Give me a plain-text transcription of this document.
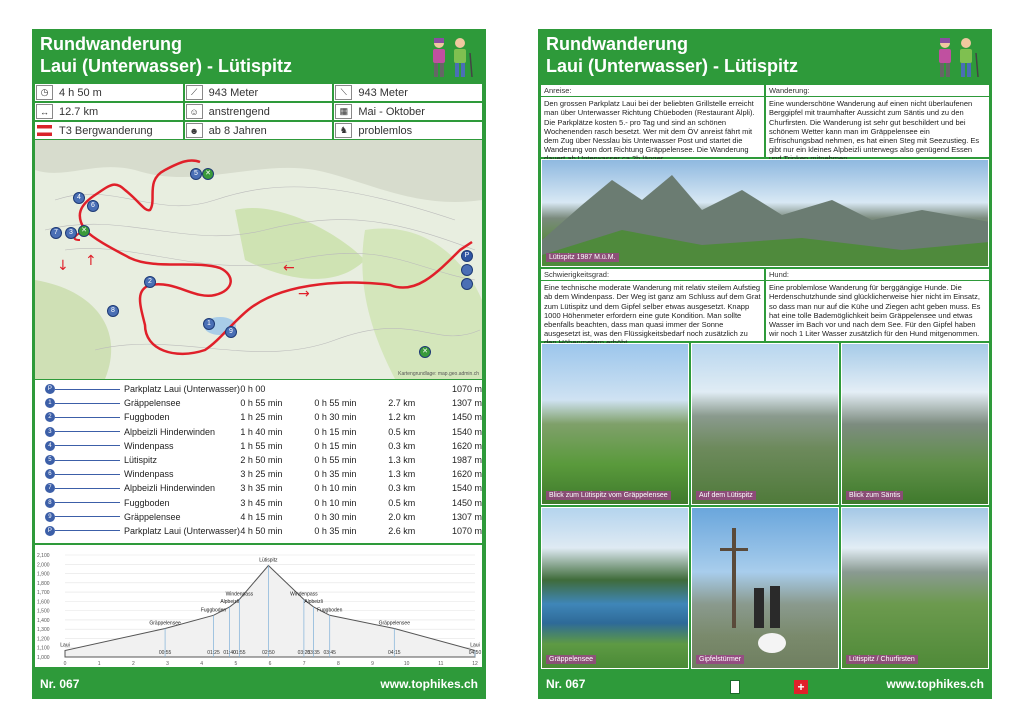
Rundwanderung
Laui (Unterwasser) - Lütispitz
◷ 4 h 50 m	⟋	943 Meter	⟍	943 Meter
↔ 12.7 km	☺ anstrengend	▦ Mai - Oktober
T3 Bergwanderung	☻ ab 8 Jahren	♞ problemlos
→
←
↓ ↑
5	✕
4
6
7	3	✕
2
8
1
9
P
✕
Kartengrundlage: map.geo.admin.ch
P	Parkplatz Laui (Unterwasser) 0 h 00	1070 m
1	Gräppelensee	0 h 55 min	0 h 55 min	2.7 km	1307 m
2	Fuggboden	1 h 25 min	0 h 30 min	1.2 km	1450 m
3	Alpbeizli Hinderwinden	1 h 40 min	0 h 15 min	0.5 km	1540 m
4	Windenpass	1 h 55 min	0 h 15 min	0.3 km	1620 m
5	Lütispitz	2 h 50 min	0 h 55 min	1.3 km	1987 m
6	Windenpass	3 h 25 min	0 h 35 min	1.3 km	1620 m
7	Alpbeizli Hinderwinden	3 h 35 min	0 h 10 min	0.3 km	1540 m
8	Fuggboden	3 h 45 min	0 h 10 min	0.5 km	1450 m
9	Gräppelensee	4 h 15 min	0 h 30 min	2.0 km	1307 m
P	Parkplatz Laui (Unterwasser) 4 h 50 min	0 h 35 min	2.6 km	1070 m
2,100
2,000
1,900
1,800
1,700
1,600
1,500
1,400
1,300
1,200
1,100
1,000
0	1	2	3	4	5	6	7	8	9	10	11	12
00:55	01:25 01:40
01:55	02:50	03:25
03:35 03:45	04:15	04:50
Laui
Gräppelensee
Fuggboden
Alpbeizli
Windenpass
Lütispitz
Windenpass
Alpbeizli
Fuggboden
Gräppelensee
Laui
Nr. 067	www.tophikes.ch
Rundwanderung
Laui (Unterwasser) - Lütispitz
Anreise:
Den grossen Parkplatz Laui bei der beliebten Grillstelle erreicht man über Unterwasser Richtung Chüeboden (Restaurant Älpli). Die Parkplätze kosten 5.- pro Tag und sind an schönen Wochenenden rasch besetzt. Wer mit dem ÖV anreist fährt mit dem Zug über Nesslau bis Unterwasser Post und startet die Wanderung von dort Richtung Gräppelensee. Die Wanderung
Wanderung:
Eine wunderschöne Wanderung auf einen nicht überlaufenen Berggipfel mit traumhafter Aussicht zum Säntis und zu den Churfirsten. Die Wanderung ist sehr gut beschildert und bei schönem Wetter kann man im Gräppelensee ein Erfrischungsbad nehmen, es hat einen Steg mit Seezustieg. Es gibt nur ein kleines Alpbeizli unterwegs also genügend Essen
Lütispitz 1987 M.ü.M.
Schwierigkeitsgrad:
Eine technische moderate Wanderung mit relativ steilem Aufstieg ab dem Windenpass. Der Weg ist ganz am Schluss auf dem Grat zum Lütispitz und dem Gipfel selber etwas ausgesetzt. Knapp 1000 Höhenmeter erfordern eine gute Kondition. Man sollte ebenfalls beachten, dass man quasi immer der Sonne ausgesetzt ist, was den Flüssigkeitsbedarf noch zusätzlich zu
Hund:
Eine problemlose Wanderung für berggängige Hunde. Die Herdenschutzhunde sind glücklicherweise hier nicht im Einsatz, so dass man nur auf die Kühe und Ziegen acht geben muss. Es hat eine tolle Bademöglichkeit beim Gräppelensee und etwas Wasser im Bach vor und nach dem See. Für den Gipfel haben wir noch 1 Liter Wasser zusätzlich für den Hund mitgenommen.
Blick zum Lütispitz vom Gräppelensee	Auf dem Lütispitz	Blick zum Säntis
Gräppelensee	Gipfelstürmer	Lütispitz / Churfirsten
+
Nr. 067	www.tophikes.ch
